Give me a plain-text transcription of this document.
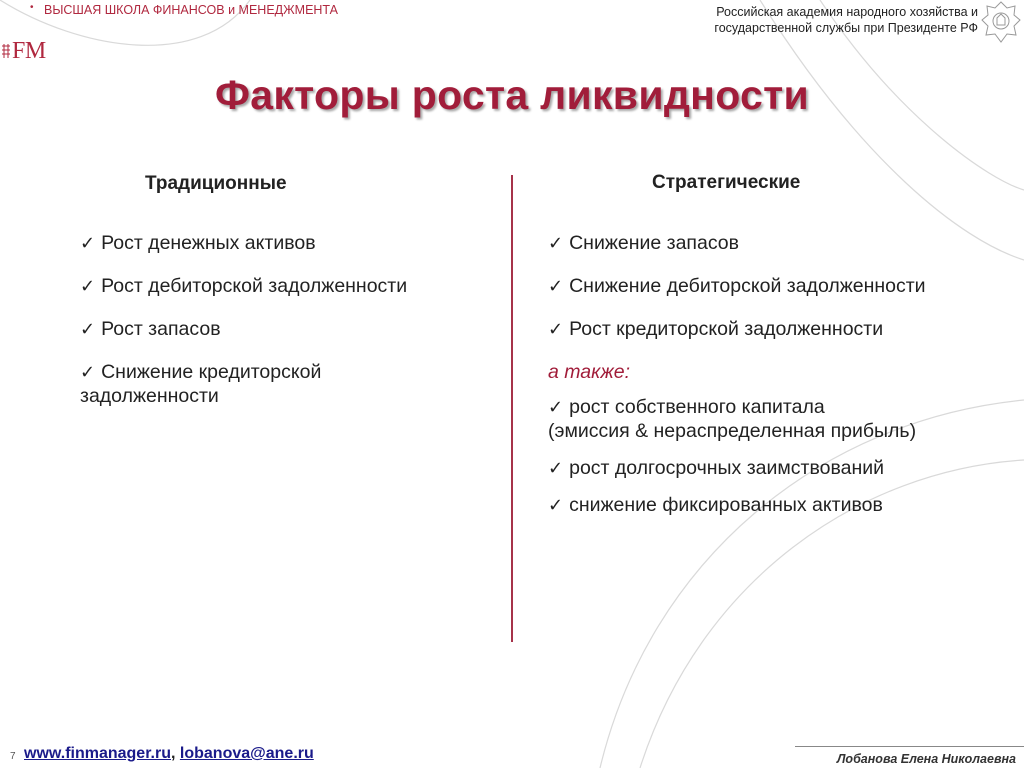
• ВЫСШАЯ ШКОЛА ФИНАНСОВ и МЕНЕДЖМЕНТА
FM
Российская академия народного хозяйства и
государственной службы при Президенте РФ
Факторы роста ликвидности
Традиционные	Стратегические
✓ Рост денежных активов
✓ Рост дебиторской задолженности
✓ Рост запасов
✓ Снижение кредиторской задолженности
✓ Снижение запасов
✓ Снижение дебиторской задолженности
✓ Рост кредиторской задолженности
а также:
✓ рост собственного капитала
(эмиссия & нераспределенная прибыль)
✓ рост долгосрочных заимствований
✓ снижение фиксированных активов
7 www.finmanager.ru, lobanova@ane.ru	Лобанова Елена Николаевна
